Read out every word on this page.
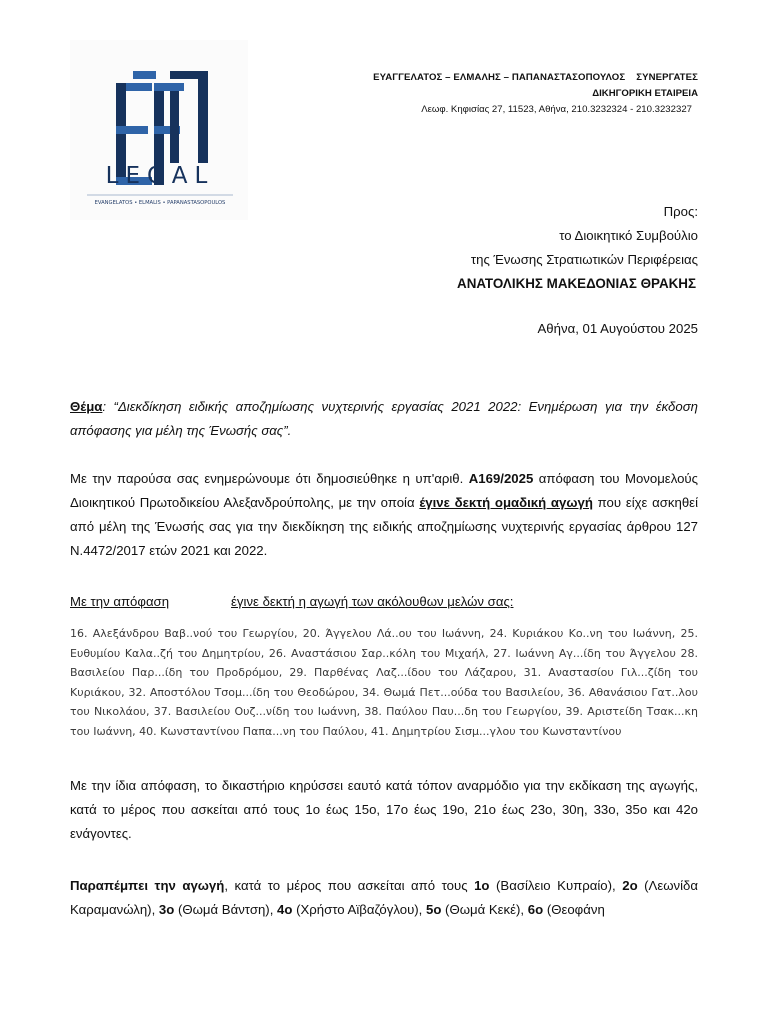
LEGAL
EVANGELATOS • ELMALIS • PAPANASTASOPOULOS
ΕΥΑΓΓΕΛΑΤΟΣ – ΕΛΜΑΛΗΣ – ΠΑΠΑΝΑΣΤΑΣΟΠΟΥΛΟΣ    ΣΥΝΕΡΓΑΤΕΣ
ΔΙΚΗΓΟΡΙΚΗ ΕΤΑΙΡΕΙΑ
Λεωφ. Κηφισίας 27, 11523, Αθήνα, 210.3232324 - 210.3232327
Προς:
το Διοικητικό Συμβούλιο
της Ένωσης Στρατιωτικών Περιφέρειας
ΑΝΑΤΟΛΙΚΗΣ ΜΑΚΕΔΟΝΙΑΣ ΘΡΑΚΗΣ
Αθήνα, 01 Αυγούστου 2025
Θέμα: “Διεκδίκηση ειδικής αποζημίωσης νυχτερινής εργασίας 2021 2022: Ενημέρωση για την έκδοση απόφασης για μέλη της Ένωσής σας”.
Με την παρούσα σας ενημερώνουμε ότι δημοσιεύθηκε η υπ'αριθ. Α169/2025 απόφαση του Μονομελούς Διοικητικού Πρωτοδικείου Αλεξανδρούπολης, με την οποία έγινε δεκτή ομαδική αγωγή που είχε ασκηθεί από μέλη της Ένωσής σας για την διεκδίκηση της ειδικής αποζημίωσης νυχτερινής εργασίας άρθρου 127 Ν.4472/2017 ετών 2021 και 2022.
Με την απόφαση	έγινε δεκτή η αγωγή των ακόλουθων μελών σας:
16. Αλεξάνδρου Βαβ..νού του Γεωργίου, 20. Άγγελου Λά..ου του Ιωάννη, 24. Κυριάκου Κο..νη του Ιωάννη, 25. Ευθυμίου Καλα..ζή του Δημητρίου, 26. Αναστάσιου Σαρ..κόλη του Μιχαήλ, 27. Ιωάννη Αγ...ίδη του Άγγελου 28. Βασιλείου Παρ...ίδη του Προδρόμου, 29. Παρθένας Λαζ...ίδου του Λάζαρου, 31. Αναστασίου Γιλ...ζίδη του Κυριάκου, 32. Αποστόλου Τσομ...ίδη του Θεοδώρου, 34. Θωμά Πετ...ούδα του Βασιλείου, 36. Αθανάσιου Γατ..λου του Νικολάου, 37. Βασιλείου Ουζ...νίδη του Ιωάννη, 38. Παύλου Παυ...δη του Γεωργίου, 39. Αριστείδη Τσακ...κη του Ιωάννη, 40. Κωνσταντίνου Παπα...νη του Παύλου, 41. Δημητρίου Σισμ...γλου του Κωνσταντίνου
Με την ίδια απόφαση, το δικαστήριο κηρύσσει εαυτό κατά τόπον αναρμόδιο για την εκδίκαση της αγωγής, κατά το μέρος που ασκείται από τους 1ο έως 15ο, 17ο έως 19ο, 21ο έως 23ο, 30η, 33ο, 35ο και 42ο ενάγοντες.
Παραπέμπει την αγωγή, κατά το μέρος που ασκείται από τους 1ο (Βασίλειο Κυπραίο), 2ο (Λεωνίδα Καραμανώλη), 3ο (Θωμά Βάντση), 4ο (Χρήστο Αϊβαζόγλου), 5ο (Θωμά Κεκέ), 6ο (Θεοφάνη
